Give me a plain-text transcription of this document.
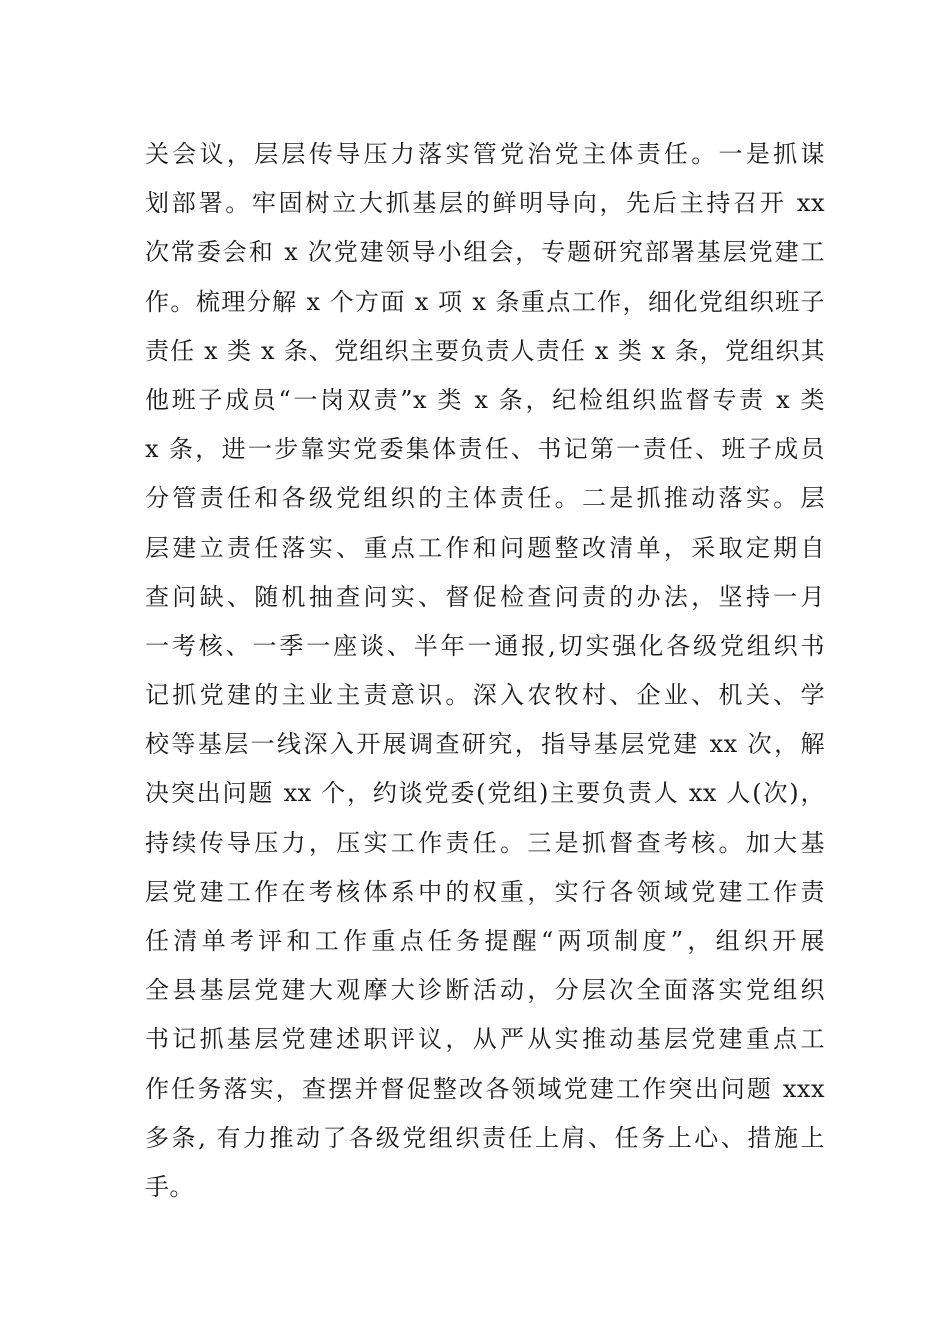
关会议，层层传导压力落实管党治党主体责任。一是抓谋
划部署。牢固树立大抓基层的鲜明导向，先后主持召开 xx
次常委会和 x 次党建领导小组会，专题研究部署基层党建工
作。梳理分解 x 个方面 x 项 x 条重点工作，细化党组织班子
责任 x 类 x 条、党组织主要负责人责任 x 类 x 条，党组织其
他班子成员“一岗双责”x 类 x 条，纪检组织监督专责 x 类
x 条，进一步靠实党委集体责任、书记第一责任、班子成员
分管责任和各级党组织的主体责任。二是抓推动落实。层
层建立责任落实、重点工作和问题整改清单，采取定期自
查问缺、随机抽查问实、督促检查问责的办法，坚持一月
一考核、一季一座谈、半年一通报,切实强化各级党组织书
记抓党建的主业主责意识。深入农牧村、企业、机关、学
校等基层一线深入开展调查研究，指导基层党建 xx 次，解
决突出问题 xx 个，约谈党委(党组)主要负责人 xx 人(次)，
持续传导压力，压实工作责任。三是抓督查考核。加大基
层党建工作在考核体系中的权重，实行各领域党建工作责
任清单考评和工作重点任务提醒“两项制度”，组织开展
全县基层党建大观摩大诊断活动，分层次全面落实党组织
书记抓基层党建述职评议，从严从实推动基层党建重点工
作任务落实，查摆并督促整改各领域党建工作突出问题 xxx
多条, 有力推动了各级党组织责任上肩、任务上心、措施上
手。
